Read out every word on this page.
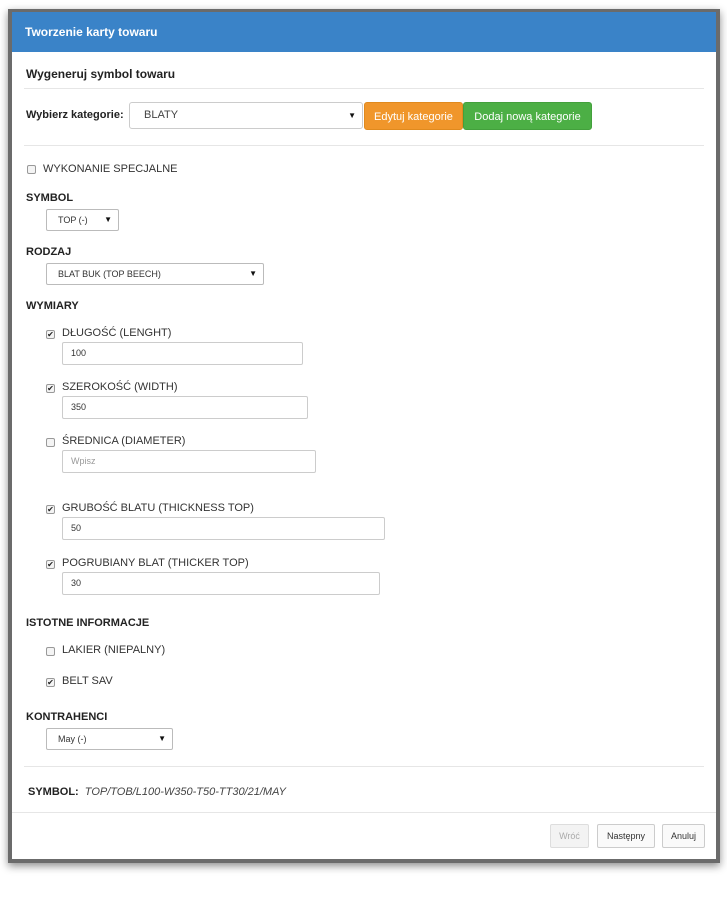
Tworzenie karty towaru
Wygeneruj symbol towaru
Wybierz kategorie:	BLATY	▼	Edytuj kategorie	Dodaj nową kategorie
WYKONANIE SPECJALNE
SYMBOL
TOP (-) ▼
RODZAJ
BLAT BUK (TOP BEECH)	▼
WYMIARY
✔ DŁUGOŚĆ (LENGHT)
100
✔ SZEROKOŚĆ (WIDTH)
350
ŚREDNICA (DIAMETER)
Wpisz
✔ GRUBOŚĆ BLATU (THICKNESS TOP)
50
✔ POGRUBIANY BLAT (THICKER TOP)
30
ISTOTNE INFORMACJE
LAKIER (NIEPALNY)
✔ BELT SAV
KONTRAHENCI
May (-)	▼
SYMBOL: TOP/TOB/L100-W350-T50-TT30/21/MAY
Wróć	Następny	Anuluj
